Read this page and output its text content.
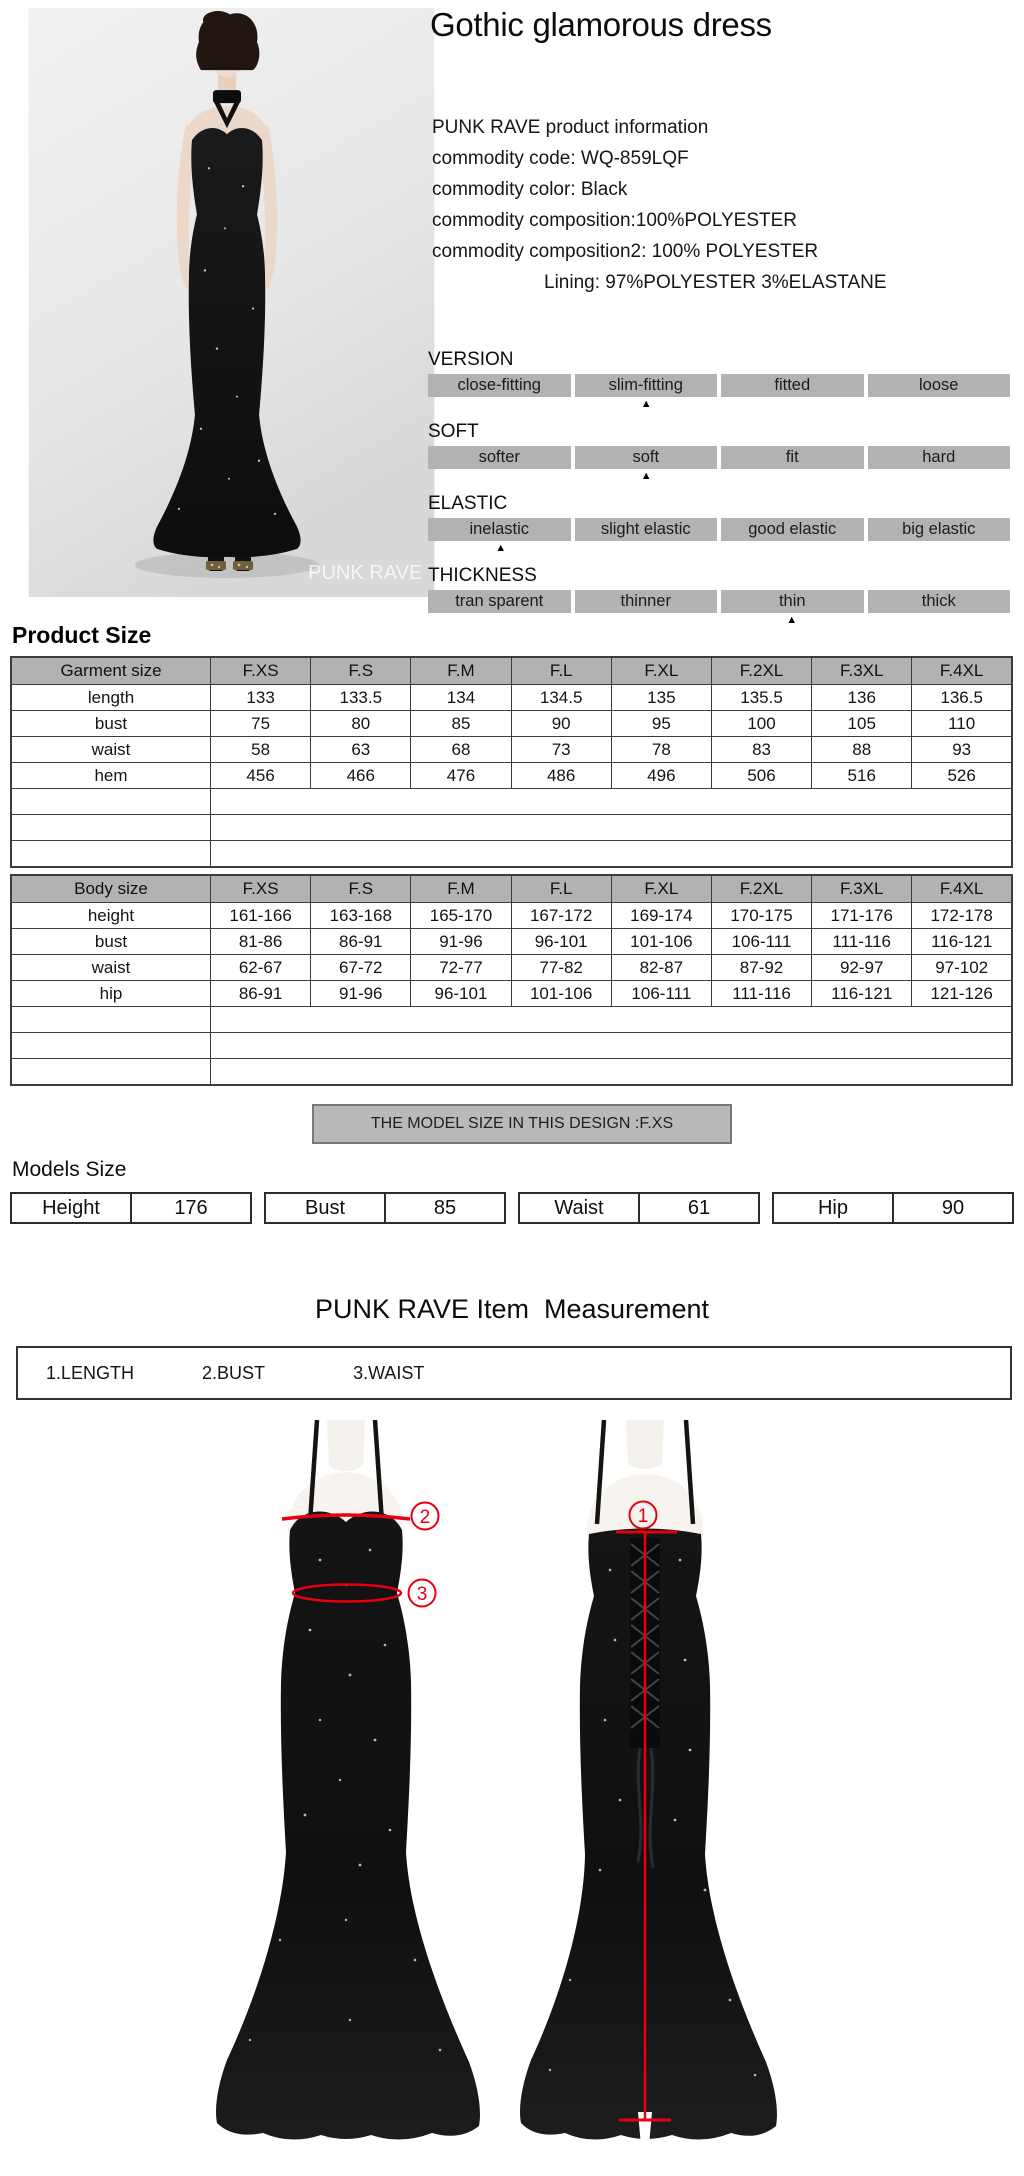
PUNK RAVE
Gothic glamorous dress
PUNK RAVE product information
commodity code: WQ-859LQF
commodity color: Black
commodity composition:100%POLYESTER
commodity composition2: 100% POLYESTER
Lining: 97%POLYESTER 3%ELASTANE
VERSION
close-fitting	slim-fitting	fitted	loose
▲
SOFT
softer	soft	fit	hard
▲
ELASTIC
inelastic	slight elastic	good elastic	big elastic
▲
THICKNESS
tran sparent	thinner	thin	thick
▲
Product Size
Garment size	F.XS	F.S	F.M	F.L	F.XL	F.2XL	F.3XL	F.4XL
length	133	133.5	134	134.5	135	135.5	136	136.5
bust	75	80	85	90	95	100	105	110
waist	58	63	68	73	78	83	88	93
hem	456	466	476	486	496	506	516	526

Body size	F.XS	F.S	F.M	F.L	F.XL	F.2XL	F.3XL	F.4XL
height	161-166	163-168	165-170	167-172	169-174	170-175	171-176	172-178
bust	81-86	86-91	91-96	96-101	101-106	106-111	111-116	116-121
waist	62-67	67-72	72-77	77-82	82-87	87-92	92-97	97-102
hip	86-91	91-96	96-101	101-106	106-111	111-116	116-121	121-126

THE MODEL SIZE IN THIS DESIGN :F.XS
Models Size
Height	176	Bust	85	Waist	61	Hip	90
PUNK RAVE Item  Measurement
1.LENGTH	2.BUST	3.WAIST
2
3
1
